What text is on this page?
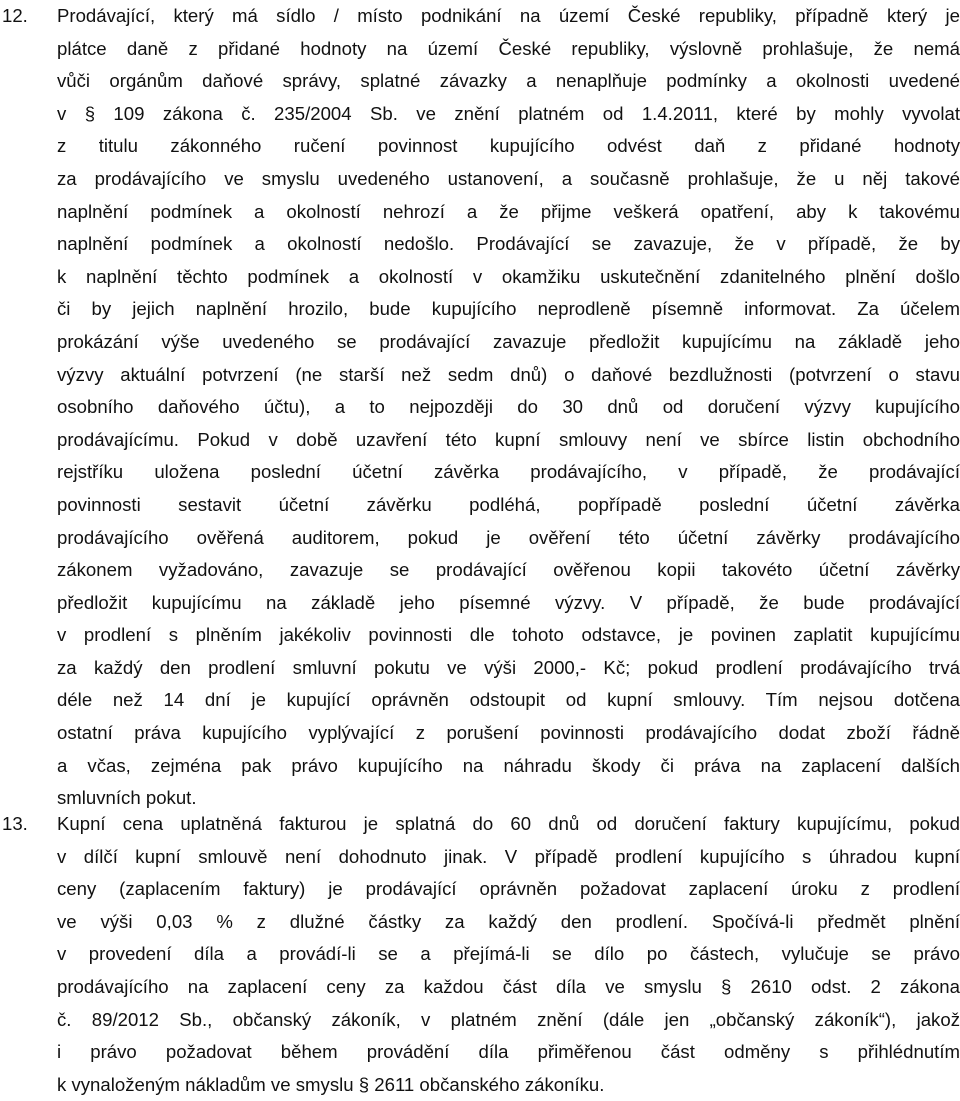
12. Prodávající, který má sídlo / místo podnikání na území České republiky, případně který je
plátce daně z přidané hodnoty na území České republiky, výslovně prohlašuje, že nemá
vůči orgánům daňové správy, splatné závazky a nenaplňuje podmínky a okolnosti uvedené
v § 109 zákona č. 235/2004 Sb. ve znění platném od 1.4.2011, které by mohly vyvolat
z titulu zákonného ručení povinnost kupujícího odvést daň z přidané hodnoty
za prodávajícího ve smyslu uvedeného ustanovení, a současně prohlašuje, že u něj takové
naplnění podmínek a okolností nehrozí a že přijme veškerá opatření, aby k takovému
naplnění podmínek a okolností nedošlo. Prodávající se zavazuje, že v případě, že by
k naplnění těchto podmínek a okolností v okamžiku uskutečnění zdanitelného plnění došlo
či by jejich naplnění hrozilo, bude kupujícího neprodleně písemně informovat. Za účelem
prokázání výše uvedeného se prodávající zavazuje předložit kupujícímu na základě jeho
výzvy aktuální potvrzení (ne starší než sedm dnů) o daňové bezdlužnosti (potvrzení o stavu
osobního daňového účtu), a to nejpozději do 30 dnů od doručení výzvy kupujícího
prodávajícímu. Pokud v době uzavření této kupní smlouvy není ve sbírce listin obchodního
rejstříku uložena poslední účetní závěrka prodávajícího, v případě, že prodávající
povinnosti sestavit účetní závěrku podléhá, popřípadě poslední účetní závěrka
prodávajícího ověřená auditorem, pokud je ověření této účetní závěrky prodávajícího
zákonem vyžadováno, zavazuje se prodávající ověřenou kopii takovéto účetní závěrky
předložit kupujícímu na základě jeho písemné výzvy. V případě, že bude prodávající
v prodlení s plněním jakékoliv povinnosti dle tohoto odstavce, je povinen zaplatit kupujícímu
za každý den prodlení smluvní pokutu ve výši 2000,- Kč; pokud prodlení prodávajícího trvá
déle než 14 dní je kupující oprávněn odstoupit od kupní smlouvy. Tím nejsou dotčena
ostatní práva kupujícího vyplývající z porušení povinnosti prodávajícího dodat zboží řádně
a včas, zejména pak právo kupujícího na náhradu škody či práva na zaplacení dalších
smluvních pokut.
13. Kupní cena uplatněná fakturou je splatná do 60 dnů od doručení faktury kupujícímu, pokud
v dílčí kupní smlouvě není dohodnuto jinak. V případě prodlení kupujícího s úhradou kupní
ceny (zaplacením faktury) je prodávající oprávněn požadovat zaplacení úroku z prodlení
ve výši 0,03 % z dlužné částky za každý den prodlení. Spočívá-li předmět plnění
v provedení díla a provádí-li se a přejímá-li se dílo po částech, vylučuje se právo
prodávajícího na zaplacení ceny za každou část díla ve smyslu § 2610 odst. 2 zákona
č. 89/2012 Sb., občanský zákoník, v platném znění (dále jen „občanský zákoník“), jakož
i právo požadovat během provádění díla přiměřenou část odměny s přihlédnutím
k vynaloženým nákladům ve smyslu § 2611 občanského zákoníku.
